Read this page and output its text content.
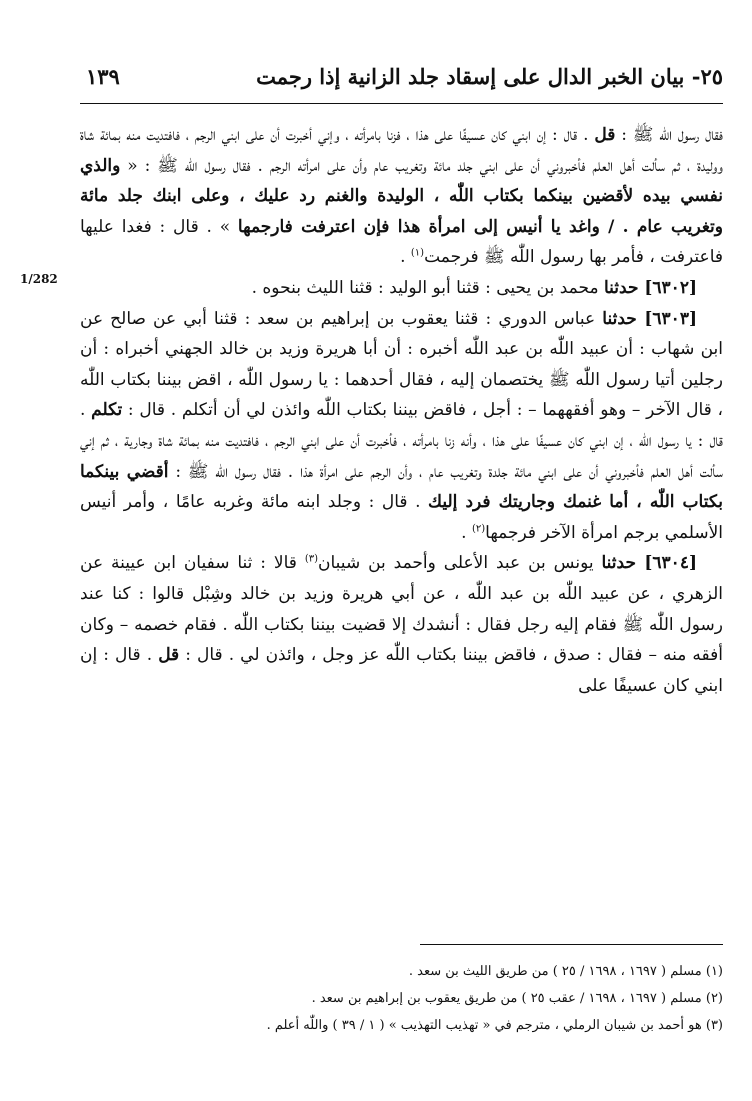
٢٥- بيان الخبر الدال على إسقاد جلد الزانية إذا رجمت
١٣٩
1/282

فقال رسول اللّٰه ﷺ : قل . قال : إن ابني كان عسيفًا على هذا ، فزنا بامرأته ، وإني أخبرت أن على ابني الرجم ، فافتديت منه بمائة شاة ووليدة ، ثم سألت أهل العلم فأخبروني أن على ابني جلد مائة وتغريب عام وأن على امرأته الرجم . فقال رسول اللّٰه ﷺ : « والذي نفسي بيده لأقضين بينكما بكتاب اللّٰه ، الوليدة والغنم رد عليك ، وعلى ابنك جلد مائة وتغريب عام . / واغد يا أنيس إلى امرأة هذا فإن اعترفت فارجمها » . قال : فغدا عليها فاعترفت ، فأمر بها رسول اللّٰه ﷺ فرجمت$^{(١)}$ .

[٦٣٠٢] حدثنا محمد بن يحيى : قثنا أبو الوليد : قثنا الليث بنحوه .

[٦٣٠٣] حدثنا عباس الدوري : قثنا يعقوب بن إبراهيم بن سعد : قثنا أبي عن صالح عن ابن شهاب : أن عبيد اللّٰه بن عبد اللّٰه أخبره : أن أبا هريرة وزيد بن خالد الجهني أخبراه : أن رجلين أتيا رسول اللّٰه ﷺ يختصمان إليه ، فقال أحدهما : يا رسول اللّٰه ، اقض بيننا بكتاب اللّٰه ، قال الآخر – وهو أفقههما – : أجل ، فاقض بيننا بكتاب اللّٰه وائذن لي أن أتكلم . قال : تكلم . قال : يا رسول اللّٰه ، إن ابني كان عسيفًا على هذا ، وأنه زنا بامرأته ، فأخبرت أن على ابني الرجم ، فافتديت منه بمائة شاة وجارية ، ثم إني سألت أهل العلم فأخبروني أن على ابني مائة جلدة وتغريب عام ، وأن الرجم على امرأة هذا . فقال رسول اللّٰه ﷺ : أقضي بينكما بكتاب اللّٰه ، أما غنمك وجاريتك فرد إليك . قال : وجلد ابنه مائة وغربه عامًا ، وأمر أنيس الأسلمي برجم امرأة الآخر فرجمها$^{(٢)}$ .

[٦٣٠٤] حدثنا يونس بن عبد الأعلى وأحمد بن شيبان$^{(٣)}$ قالا : ثنا سفيان ابن عيينة عن الزهري ، عن عبيد اللّٰه بن عبد اللّٰه ، عن أبي هريرة وزيد بن خالد وشِبْل قالوا : كنا عند رسول اللّٰه ﷺ فقام إليه رجل فقال : أنشدك إلا قضيت بيننا بكتاب اللّٰه . فقام خصمه – وكان أفقه منه – فقال : صدق ، فاقض بيننا بكتاب اللّٰه عز وجل ، وائذن لي . قال : قل . قال : إن ابني كان عسيفًا على

(١) مسلم ( ١٦٩٧ ، ١٦٩٨ / ٢٥ ) من طريق الليث بن سعد .
(٢) مسلم ( ١٦٩٧ ، ١٦٩٨ / عقب ٢٥ ) من طريق يعقوب بن إبراهيم بن سعد .
(٣) هو أحمد بن شيبان الرملي ، مترجم في « تهذيب التهذيب » ( ١ / ٣٩ ) واللّٰه أعلم .
